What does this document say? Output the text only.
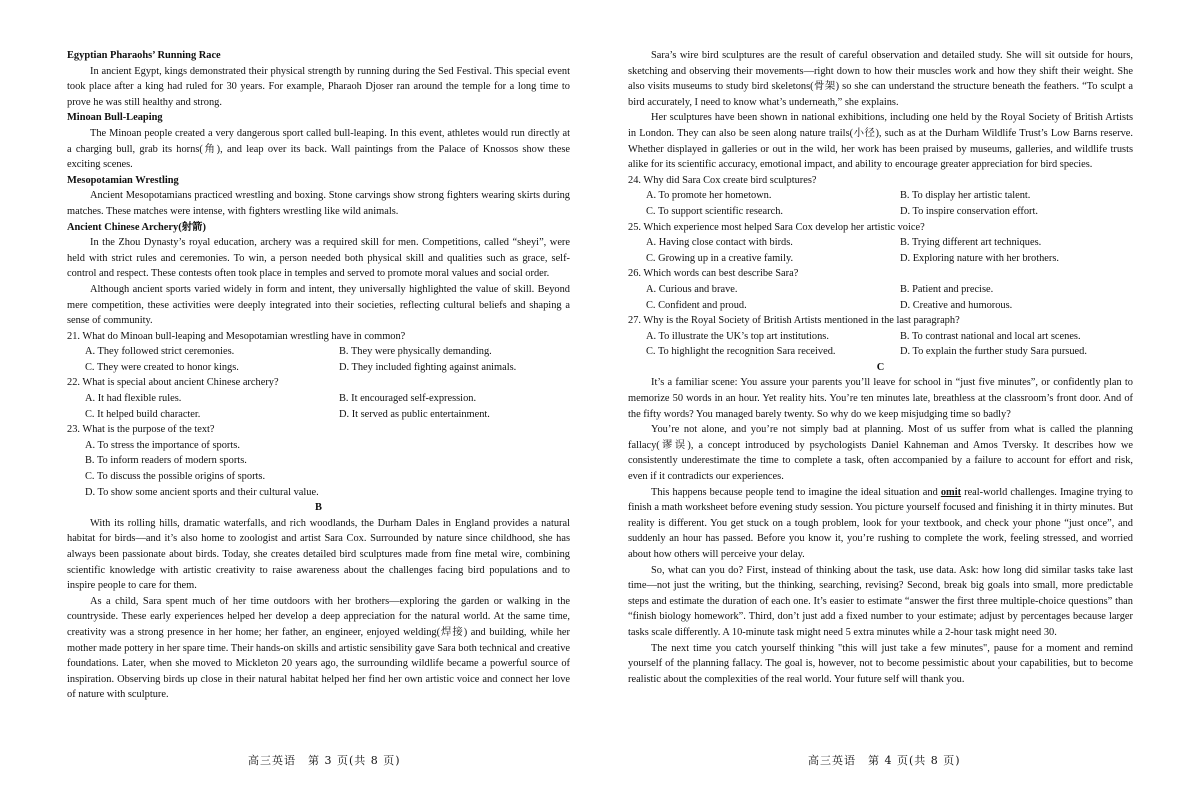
Egyptian Pharaohs’ Running Race

In ancient Egypt, kings demonstrated their physical strength by running during the Sed Festival. This special event took place after a king had ruled for 30 years. For example, Pharaoh Djoser ran around the temple for a long time to prove he was still healthy and strong.

Minoan Bull-Leaping

The Minoan people created a very dangerous sport called bull-leaping. In this event, athletes would run directly at a charging bull, grab its horns(角), and leap over its back. Wall paintings from the Palace of Knossos show these exciting scenes.

Mesopotamian Wrestling

Ancient Mesopotamians practiced wrestling and boxing. Stone carvings show strong fighters wearing skirts during matches. These matches were intense, with fighters wrestling like wild animals.

Ancient Chinese Archery(射箭)

In the Zhou Dynasty’s royal education, archery was a required skill for men. Competitions, called “sheyi”, were held with strict rules and ceremonies. To win, a person needed both physical skill and qualities such as grace, self-control and respect. These contests often took place in temples and served to promote moral values and social order.

Although ancient sports varied widely in form and intent, they universally highlighted the value of skill. Beyond mere competition, these activities were deeply integrated into their societies, reflecting cultural beliefs and shaping a sense of community.

21. What do Minoan bull-leaping and Mesopotamian wrestling have in common?
A. They followed strict ceremonies.	B. They were physically demanding.
C. They were created to honor kings.	D. They included fighting against animals.
22. What is special about ancient Chinese archery?
A. It had flexible rules.	B. It encouraged self-expression.
C. It helped build character.	D. It served as public entertainment.
23. What is the purpose of the text?
A. To stress the importance of sports.
B. To inform readers of modern sports.
C. To discuss the possible origins of sports.
D. To show some ancient sports and their cultural value.
B

With its rolling hills, dramatic waterfalls, and rich woodlands, the Durham Dales in England provides a natural habitat for birds—and it’s also home to zoologist and artist Sara Cox. Surrounded by nature since childhood, she has always been passionate about birds. Today, she creates detailed bird sculptures made from fine metal wire, combining scientific knowledge with artistic creativity to raise awareness about the challenges facing bird populations and to inspire people to care for them.

As a child, Sara spent much of her time outdoors with her brothers—exploring the garden or walking in the countryside. These early experiences helped her develop a deep appreciation for the natural world. At the same time, creativity was a strong presence in her home; her father, an engineer, enjoyed welding(焊接) and building, while her mother made pottery in her spare time. Their hands-on skills and artistic sensibility gave Sara both technical and creative foundations. Later, when she moved to Mickleton 20 years ago, the surrounding wildlife became a powerful source of inspiration. Observing birds up close in their natural habitat helped her find her own artistic voice and connect her love of nature with sculpture.

高三英语　第 3 页(共 8 页)

Sara’s wire bird sculptures are the result of careful observation and detailed study. She will sit outside for hours, sketching and observing their movements—right down to how their muscles work and how they shift their weight. She also visits museums to study bird skeletons(骨架) so she can understand the structure beneath the feathers. “To sculpt a bird accurately, I need to know what’s underneath,” she explains.

Her sculptures have been shown in national exhibitions, including one held by the Royal Society of British Artists in London. They can also be seen along nature trails(小径), such as at the Durham Wildlife Trust’s Low Barns reserve. Whether displayed in galleries or out in the wild, her work has been praised by museums, galleries, and wildlife trusts alike for its scientific accuracy, emotional impact, and ability to encourage greater appreciation for bird species.

24. Why did Sara Cox create bird sculptures?
A. To promote her hometown.	B. To display her artistic talent.
C. To support scientific research.	D. To inspire conservation effort.
25. Which experience most helped Sara Cox develop her artistic voice?
A. Having close contact with birds.	B. Trying different art techniques.
C. Growing up in a creative family.	D. Exploring nature with her brothers.
26. Which words can best describe Sara?
A. Curious and brave.	B. Patient and precise.
C. Confident and proud.	D. Creative and humorous.
27. Why is the Royal Society of British Artists mentioned in the last paragraph?
A. To illustrate the UK’s top art institutions.	B. To contrast national and local art scenes.
C. To highlight the recognition Sara received.	D. To explain the further study Sara pursued.
C

It’s a familiar scene: You assure your parents you’ll leave for school in “just five minutes”, or confidently plan to memorize 50 words in an hour. Yet reality hits. You’re ten minutes late, breathless at the classroom’s front door. And of the fifty words? You managed barely twenty. So why do we keep misjudging time so badly?

You’re not alone, and you’re not simply bad at planning. Most of us suffer from what is called the planning fallacy(谬误), a concept introduced by psychologists Daniel Kahneman and Amos Tversky. It describes how we consistently underestimate the time to complete a task, often accompanied by a failure to account for effort and risk, even if it contradicts our experiences.

This happens because people tend to imagine the ideal situation and omit real-world challenges. Imagine trying to finish a math worksheet before evening study session. You picture yourself focused and finishing it in thirty minutes. But reality is different. You get stuck on a tough problem, look for your textbook, and check your phone “just once”, and suddenly an hour has passed. Before you know it, you’re rushing to complete the work, feeling stressed, and worried about how others will perceive your delay.

So, what can you do? First, instead of thinking about the task, use data. Ask: how long did similar tasks take last time—not just the writing, but the thinking, searching, revising? Second, break big goals into small, more predictable steps and estimate the duration of each one. It’s easier to estimate “answer the first three multiple-choice questions” than “finish biology homework”. Third, don’t just add a fixed number to your estimate; adjust by percentages because larger tasks scale differently. A 10-minute task might need 5 extra minutes while a 2-hour task might need 30.

The next time you catch yourself thinking "this will just take a few minutes", pause for a moment and remind yourself of the planning fallacy. The goal is, however, not to become pessimistic about your capabilities, but to become realistic about the complexities of the real world. Your future self will thank you.

高三英语　第 4 页(共 8 页)
